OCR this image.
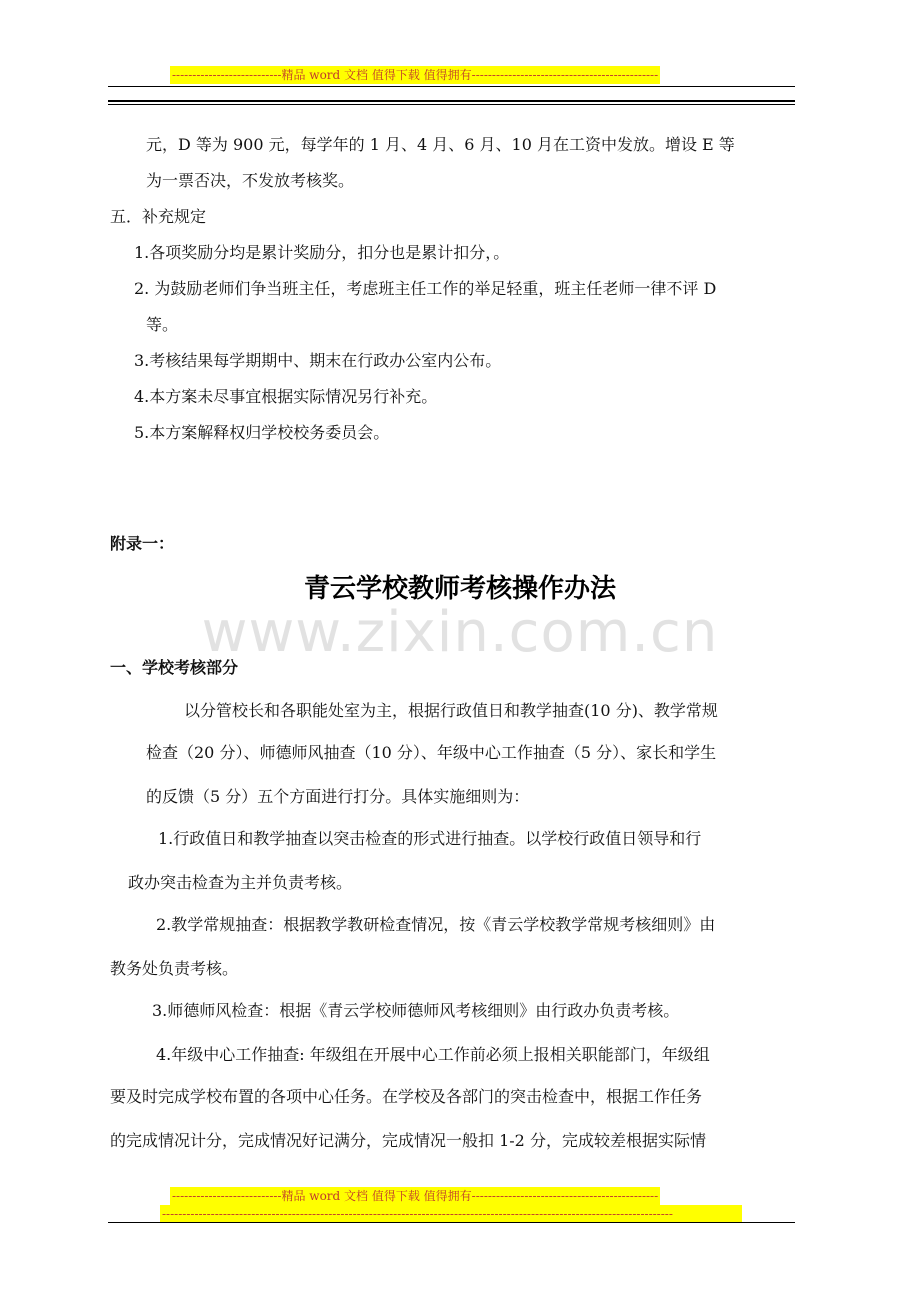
---------------------------精品 word 文档 值得下载 值得拥有----------------------------------------------
元，D 等为 900 元，每学年的 1 月、4 月、6 月、10 月在工资中发放。增设 E 等
为一票否决，不发放考核奖。
五．补充规定
1.各项奖励分均是累计奖励分，扣分也是累计扣分，。
2. 为鼓励老师们争当班主任，考虑班主任工作的举足轻重，班主任老师一律不评 D
等。
3.考核结果每学期期中、期末在行政办公室内公布。
4.本方案未尽事宜根据实际情况另行补充。
5.本方案解释权归学校校务委员会。
附录一：
青云学校教师考核操作办法
www.zixin.com.cn
一、学校考核部分
以分管校长和各职能处室为主，根据行政值日和教学抽查(10 分)、教学常规
检查（20 分）、师德师风抽查（10 分）、年级中心工作抽查（5 分）、家长和学生
的反馈（5 分）五个方面进行打分。具体实施细则为：
1.行政值日和教学抽查以突击检查的形式进行抽查。以学校行政值日领导和行
政办突击检查为主并负责考核。
2.教学常规抽查：根据教学教研检查情况，按《青云学校教学常规考核细则》由
教务处负责考核。
3.师德师风检查：根据《青云学校师德师风考核细则》由行政办负责考核。
4.年级中心工作抽查: 年级组在开展中心工作前必须上报相关职能部门，年级组
要及时完成学校布置的各项中心任务。在学校及各部门的突击检查中，根据工作任务
的完成情况计分，完成情况好记满分，完成情况一般扣 1-2 分，完成较差根据实际情
---------------------------精品 word 文档 值得下载 值得拥有----------------------------------------------
------------------------------------------------------------------------------------------------------------------------------
